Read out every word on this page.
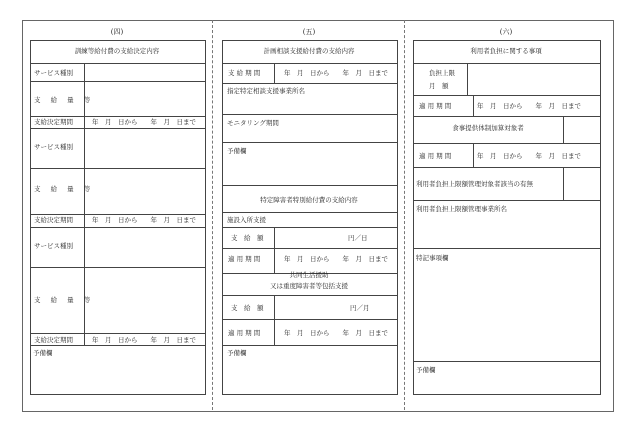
(四)
訓練等給付費の支給決定内容
サービス種別
支 給 量 等
支給決定期間	年　月　日から　　年　月　日まで
サービス種別
支 給 量 等
支給決定期間	年　月　日から　　年　月　日まで
サービス種別
支 給 量 等
支給決定期間	年　月　日から　　年　月　日まで
予備欄
(五)
計画相談支援給付費の支給内容
支 給 期 間	年　月　日から　　年　月　日まで
指定特定相談支援事業所名
モニタリング期間
予備欄
特定障害者特別給付費の支給内容
施設入所支援
支　給　額	円／日
適 用 期 間	年　月　日から　　年　月　日まで
共同生活援助
又は重度障害者等包括支援
支　給　額	円／月
適 用 期 間	年　月　日から　　年　月　日まで
予備欄
(六)
利用者負担に関する事項
負担上限
月　額
適 用 期 間	年　月　日から　　年　月　日まで
食事提供体制加算対象者
適 用 期 間	年　月　日から　　年　月　日まで
利用者負担上限額管理対象者該当の有無
利用者負担上限額管理事業所名
特記事項欄
予備欄
